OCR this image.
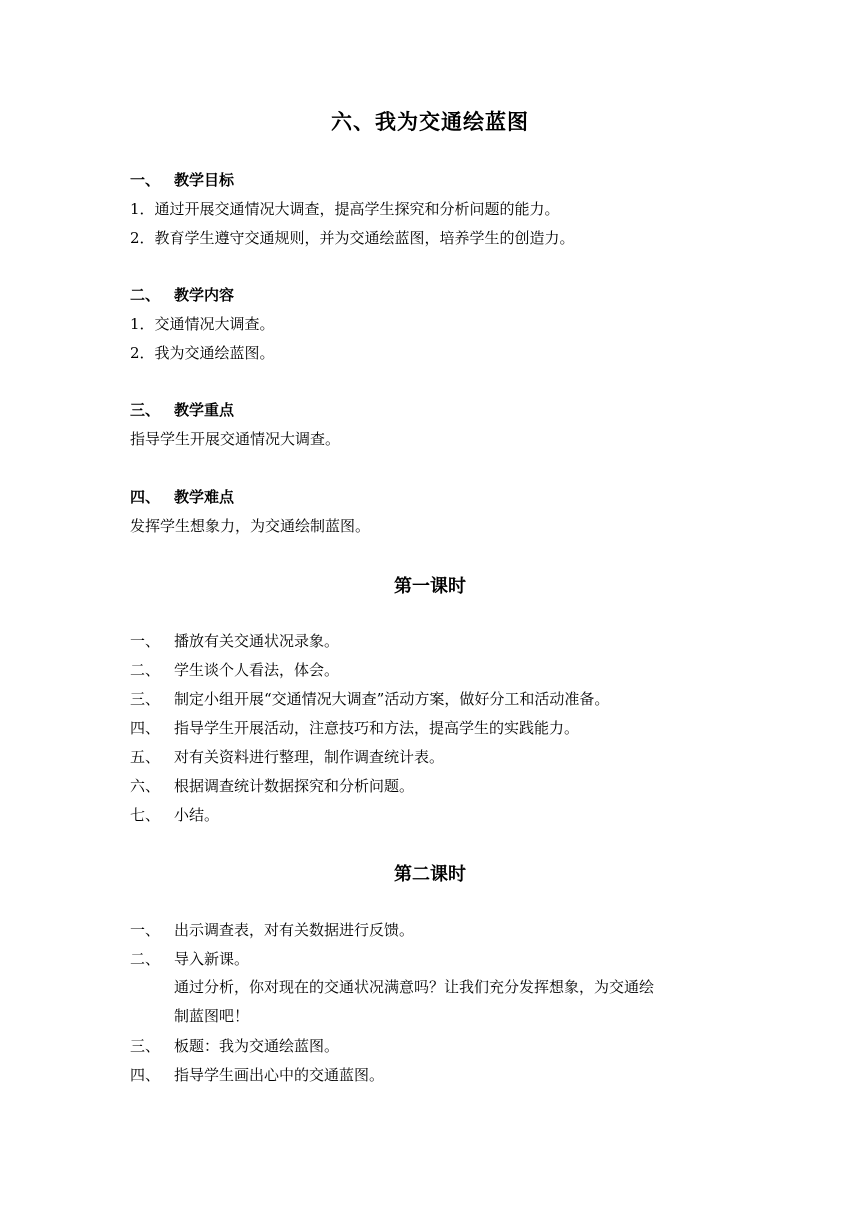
六、我为交通绘蓝图
一、 教学目标
1．通过开展交通情况大调查，提高学生探究和分析问题的能力。
2．教育学生遵守交通规则，并为交通绘蓝图，培养学生的创造力。
二、 教学内容
1．交通情况大调查。
2．我为交通绘蓝图。
三、 教学重点
指导学生开展交通情况大调查。
四、 教学难点
发挥学生想象力，为交通绘制蓝图。
第一课时
一、 播放有关交通状况录象。
二、 学生谈个人看法，体会。
三、 制定小组开展“交通情况大调查”活动方案，做好分工和活动准备。
四、 指导学生开展活动，注意技巧和方法，提高学生的实践能力。
五、 对有关资料进行整理，制作调查统计表。
六、 根据调查统计数据探究和分析问题。
七、 小结。
第二课时
一、 出示调查表，对有关数据进行反馈。
二、 导入新课。
通过分析，你对现在的交通状况满意吗？让我们充分发挥想象，为交通绘
制蓝图吧！
三、 板题：我为交通绘蓝图。
四、 指导学生画出心中的交通蓝图。
